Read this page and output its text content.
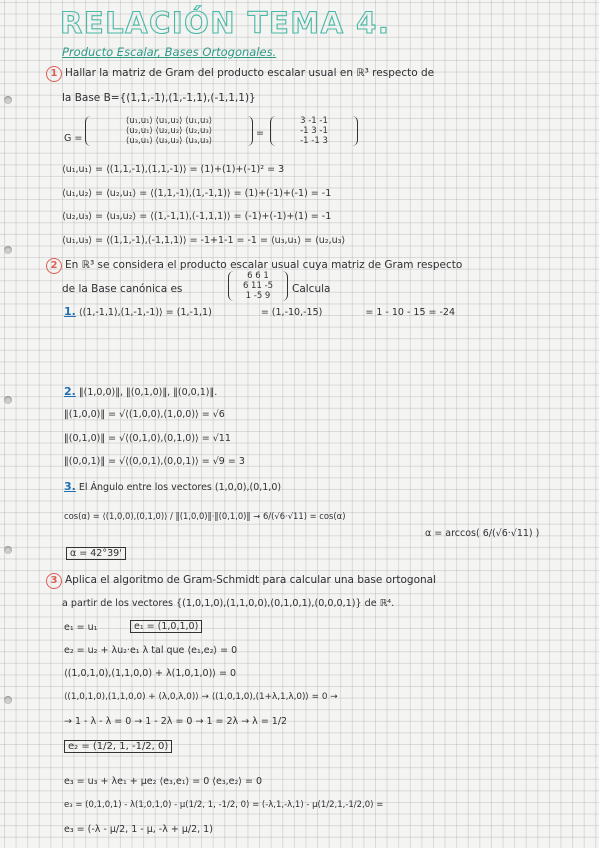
RELACIÓN TEMA 4.
Producto Escalar, Bases Ortogonales.
1 Hallar la matriz de Gram del producto escalar usual en ℝ³ respecto de
la Base B={(1,1,-1),(1,-1,1),(-1,1,1)}
G =
⟨u₁,u₁⟩ ⟨u₁,u₂⟩ ⟨u₁,u₃⟩
⟨u₂,u₁⟩ ⟨u₂,u₂⟩ ⟨u₂,u₃⟩
⟨u₃,u₁⟩ ⟨u₃,u₂⟩ ⟨u₃,u₃⟩
=
3 -1 -1
-1 3 -1
-1 -1 3
⟨u₁,u₁⟩ = ⟨(1,1,-1),(1,1,-1)⟩ = (1)+(1)+(-1)² = 3
⟨u₁,u₂⟩ = ⟨u₂,u₁⟩ = ⟨(1,1,-1),(1,-1,1)⟩ = (1)+(-1)+(-1) = -1
⟨u₂,u₃⟩ = ⟨u₃,u₂⟩ = ⟨(1,-1,1),(-1,1,1)⟩ = (-1)+(-1)+(1) = -1
⟨u₁,u₃⟩ = ⟨(1,1,-1),(-1,1,1)⟩ = -1+1-1 = -1 = ⟨u₃,u₁⟩ = ⟨u₂,u₃⟩
2 En ℝ³ se considera el producto escalar usual cuya matriz de Gram respecto
de la Base canónica es
6 6 1
6 11 -5
1 -5 9
Calcula
1. ⟨(1,-1,1),(1,-1,-1)⟩ = (1,-1,1)	= (1,-10,-15)	= 1 - 10 - 15 = -24
2. ‖(1,0,0)‖, ‖(0,1,0)‖, ‖(0,0,1)‖.
‖(1,0,0)‖ = √⟨(1,0,0),(1,0,0)⟩ = √6
‖(0,1,0)‖ = √⟨(0,1,0),(0,1,0)⟩ = √11
‖(0,0,1)‖ = √⟨(0,0,1),(0,0,1)⟩ = √9 = 3
3. El Ángulo entre los vectores (1,0,0),(0,1,0)
cos(α) = ⟨(1,0,0),(0,1,0)⟩ / ‖(1,0,0)‖·‖(0,1,0)‖ → 6/(√6·√11) = cos(α)
α = arccos( 6/(√6·√11) )
α = 42°39'
3 Aplica el algoritmo de Gram-Schmidt para calcular una base ortogonal
a partir de los vectores {(1,0,1,0),(1,1,0,0),(0,1,0,1),(0,0,0,1)} de ℝ⁴.
e₁ = u₁	e₁ = (1,0,1,0)
e₂ = u₂ + λu₂·e₁ λ tal que ⟨e₁,e₂⟩ = 0
⟨(1,0,1,0),(1,1,0,0) + λ(1,0,1,0)⟩ = 0
⟨(1,0,1,0),(1,1,0,0) + (λ,0,λ,0)⟩ → ⟨(1,0,1,0),(1+λ,1,λ,0)⟩ = 0 →
→ 1 - λ - λ = 0 → 1 - 2λ = 0 → 1 = 2λ → λ = 1/2
e₂ = (1/2, 1, -1/2, 0)
e₃ = u₃ + λe₁ + μe₂ ⟨e₃,e₁⟩ = 0 ⟨e₃,e₂⟩ = 0
e₃ = (0,1,0,1) - λ(1,0,1,0) - μ(1/2, 1, -1/2, 0) = (-λ,1,-λ,1) - μ(1/2,1,-1/2,0) =
e₃ = (-λ - μ/2, 1 - μ, -λ + μ/2, 1)
